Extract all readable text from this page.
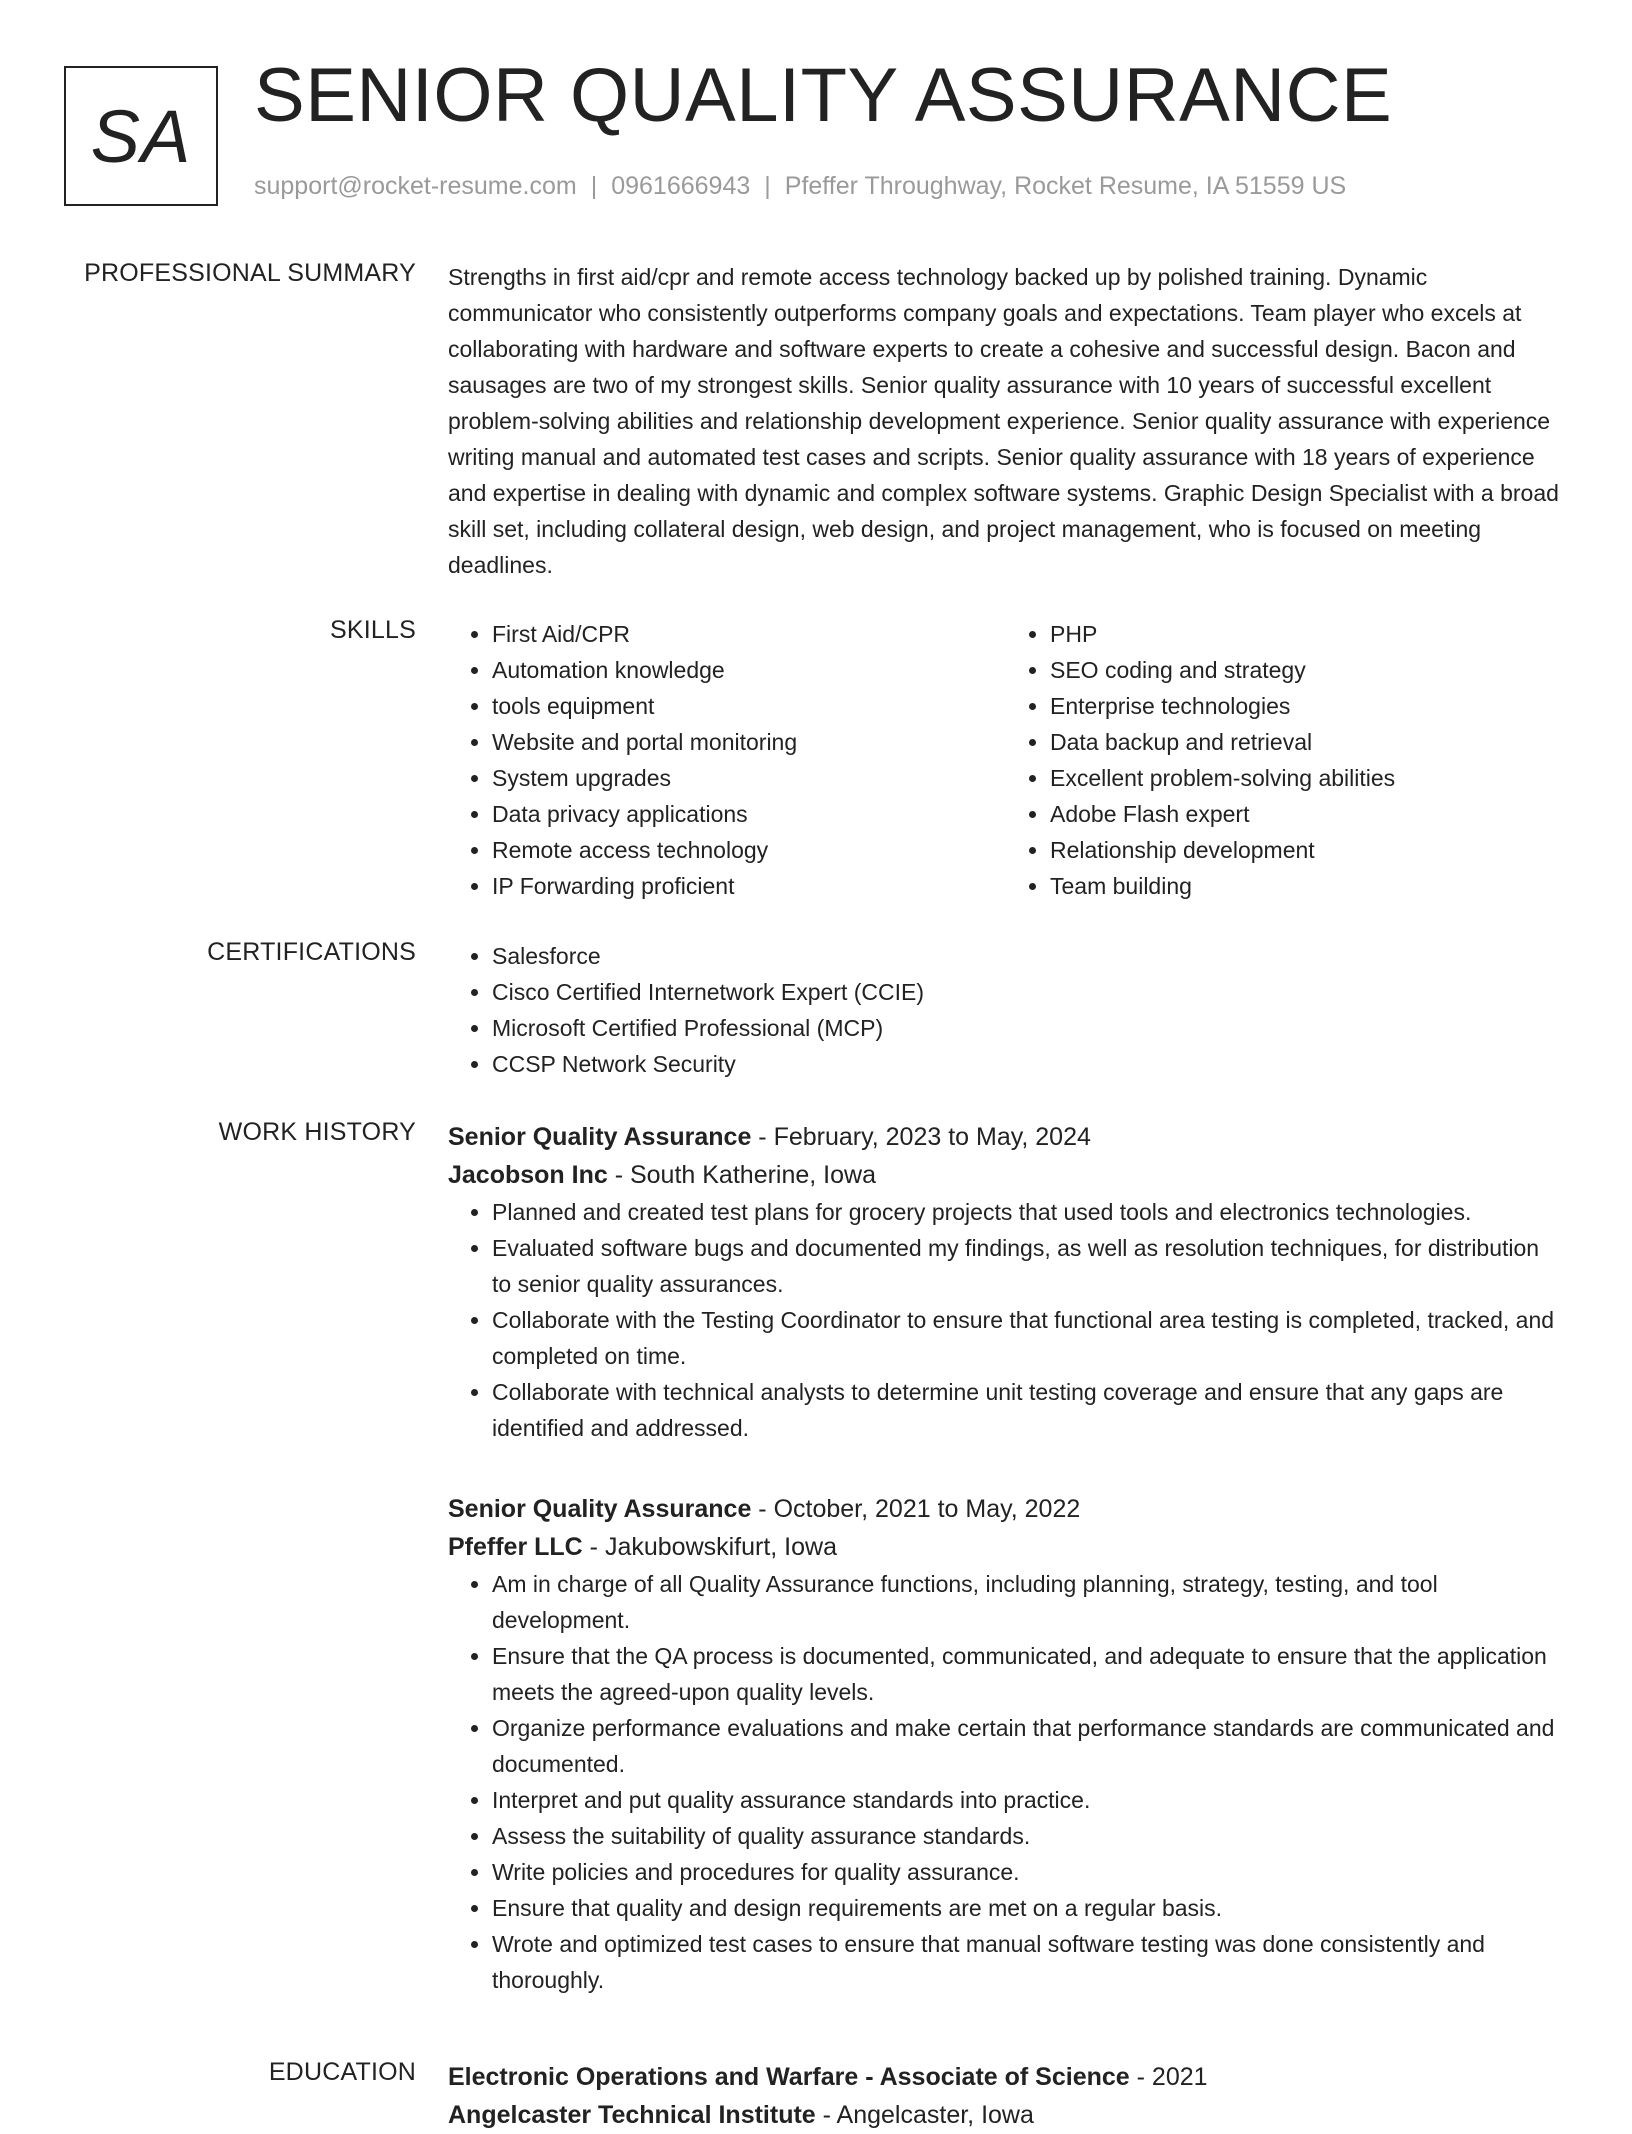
SA SENIOR QUALITY ASSURANCE
support@rocket-resume.com | 0961666943 | Pfeffer Throughway, Rocket Resume, IA 51559 US
PROFESSIONAL SUMMARY Strengths in first aid/cpr and remote access technology backed up by polished training. Dynamic communicator who consistently outperforms company goals and expectations. Team player who excels at collaborating with hardware and software experts to create a cohesive and successful design. Bacon and sausages are two of my strongest skills. Senior quality assurance with 10 years of successful excellent problem-solving abilities and relationship development experience. Senior quality assurance with experience writing manual and automated test cases and scripts. Senior quality assurance with 18 years of experience and expertise in dealing with dynamic and complex software systems. Graphic Design Specialist with a broad skill set, including collateral design, web design, and project management, who is focused on meeting deadlines.

SKILLS	• First Aid/CPR
• Automation knowledge
• tools equipment
• Website and portal monitoring
• System upgrades
• Data privacy applications
• Remote access technology
• IP Forwarding proficient
• PHP
• SEO coding and strategy
• Enterprise technologies
• Data backup and retrieval
• Excellent problem-solving abilities
• Adobe Flash expert
• Relationship development
• Team building
CERTIFICATIONS	• Salesforce
• Cisco Certified Internetwork Expert (CCIE)
• Microsoft Certified Professional (MCP)
• CCSP Network Security
WORK HISTORY Senior Quality Assurance - February, 2023 to May, 2024
Jacobson Inc - South Katherine, Iowa
• Planned and created test plans for grocery projects that used tools and electronics technologies.
• Evaluated software bugs and documented my findings, as well as resolution techniques, for distribution to senior quality assurances.
• Collaborate with the Testing Coordinator to ensure that functional area testing is completed, tracked, and completed on time.
• Collaborate with technical analysts to determine unit testing coverage and ensure that any gaps are identified and addressed.
Senior Quality Assurance - October, 2021 to May, 2022
Pfeffer LLC - Jakubowskifurt, Iowa
• Am in charge of all Quality Assurance functions, including planning, strategy, testing, and tool development.
• Ensure that the QA process is documented, communicated, and adequate to ensure that the application meets the agreed-upon quality levels.
• Organize performance evaluations and make certain that performance standards are communicated and documented.
• Interpret and put quality assurance standards into practice.
• Assess the suitability of quality assurance standards.
• Write policies and procedures for quality assurance.
• Ensure that quality and design requirements are met on a regular basis.
• Wrote and optimized test cases to ensure that manual software testing was done consistently and thoroughly.
EDUCATION Electronic Operations and Warfare - Associate of Science - 2021
Angelcaster Technical Institute - Angelcaster, Iowa
